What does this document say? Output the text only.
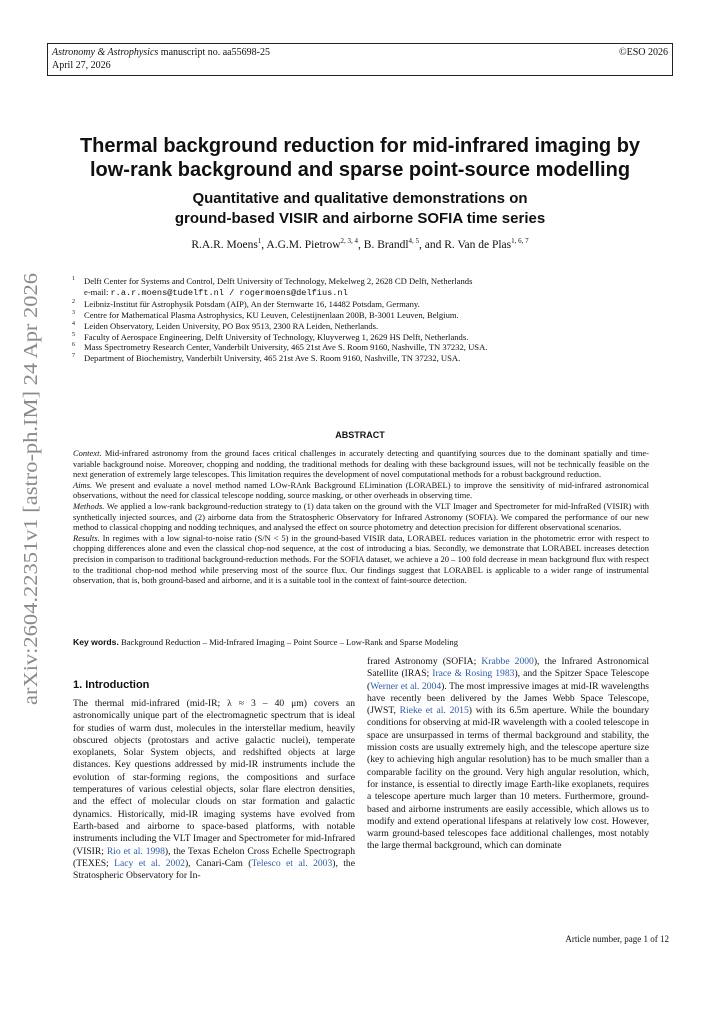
Astronomy & Astrophysics manuscript no. aa55698-25
April 27, 2026
©ESO 2026
arXiv:2604.22351v1 [astro-ph.IM] 24 Apr 2026
Thermal background reduction for mid-infrared imaging by
low-rank background and sparse point-source modelling
Quantitative and qualitative demonstrations on
ground-based VISIR and airborne SOFIA time series
R.A.R. Moens$^1$, A.G.M. Pietrow$^{2, 3, 4}$, B. Brandl$^{4, 5}$, and R. Van de Plas$^{1, 6, 7}$
1 Delft Center for Systems and Control, Delft University of Technology, Mekelweg 2, 2628 CD Delft, Netherlands
e-mail: r.a.r.moens@tudelft.nl / rogermoens@delfius.nl
2 Leibniz-Institut für Astrophysik Potsdam (AIP), An der Sternwarte 16, 14482 Potsdam, Germany.
3 Centre for Mathematical Plasma Astrophysics, KU Leuven, Celestijnenlaan 200B, B-3001 Leuven, Belgium.
4 Leiden Observatory, Leiden University, PO Box 9513, 2300 RA Leiden, Netherlands.
5 Faculty of Aerospace Engineering, Delft University of Technology, Kluyverweg 1, 2629 HS Delft, Netherlands.
6 Mass Spectrometry Research Center, Vanderbilt University, 465 21st Ave S. Room 9160, Nashville, TN 37232, USA.
7 Department of Biochemistry, Vanderbilt University, 465 21st Ave S. Room 9160, Nashville, TN 37232, USA.
ABSTRACT

Context. Mid-infrared astronomy from the ground faces critical challenges in accurately detecting and quantifying sources due to the dominant spatially and time-variable background noise. Moreover, chopping and nodding, the traditional methods for dealing with these background issues, will not be technically feasible on the next generation of extremely large telescopes. This limitation requires the development of novel computational methods for a robust background reduction.

Aims. We present and evaluate a novel method named LOw-RAnk Background ELimination (LORABEL) to improve the sensitivity of mid-infrared astronomical observations, without the need for classical telescope nodding, source masking, or other overheads in observing time.

Methods. We applied a low-rank background-reduction strategy to (1) data taken on the ground with the VLT Imager and Spectrometer for mid-InfraRed (VISIR) with synthetically injected sources, and (2) airborne data from the Stratospheric Observatory for Infrared Astronomy (SOFIA). We compared the performance of our new method to classical chopping and nodding techniques, and analysed the effect on source photometry and detection precision for different observational scenarios.

Results. In regimes with a low signal-to-noise ratio (S/N < 5) in the ground-based VISIR data, LORABEL reduces variation in the photometric error with respect to chopping differences alone and even the classical chop-nod sequence, at the cost of introducing a bias. Secondly, we demonstrate that LORABEL increases detection precision in comparison to traditional background-reduction methods. For the SOFIA dataset, we achieve a 20 – 100 fold decrease in mean background flux with respect to the traditional chop-nod method while preserving most of the source flux. Our findings suggest that LORABEL is applicable to a wider range of instrumental observation, that is, both ground-based and airborne, and it is a suitable tool in the context of faint-source detection.

Key words. Background Reduction – Mid-Infrared Imaging – Point Source – Low-Rank and Sparse Modeling
1. Introduction
The thermal mid-infrared (mid-IR; λ ≈ 3 – 40 μm) covers an astronomically unique part of the electromagnetic spectrum that is ideal for studies of warm dust, molecules in the interstellar medium, heavily obscured objects (protostars and active galactic nuclei), temperate exoplanets, Solar System objects, and redshifted objects at large distances. Key questions addressed by mid-IR instruments include the evolution of star-forming regions, the compositions and surface temperatures of various celestial objects, solar flare electron densities, and the effect of molecular clouds on star formation and galactic dynamics. Historically, mid-IR imaging systems have evolved from Earth-based and airborne to space-based platforms, with notable instruments including the VLT Imager and Spectrometer for mid-Infrared (VISIR; Rio et al. 1998), the Texas Echelon Cross Echelle Spectrograph (TEXES; Lacy et al. 2002), Canari-Cam (Telesco et al. 2003), the Stratospheric Observatory for In-
frared Astronomy (SOFIA; Krabbe 2000), the Infrared Astronomical Satellite (IRAS; Irace & Rosing 1983), and the Spitzer Space Telescope (Werner et al. 2004). The most impressive images at mid-IR wavelengths have recently been delivered by the James Webb Space Telescope, (JWST, Rieke et al. 2015) with its 6.5m aperture. While the boundary conditions for observing at mid-IR wavelength with a cooled telescope in space are unsurpassed in terms of thermal background and stability, the mission costs are usually extremely high, and the telescope aperture size (key to achieving high angular resolution) has to be much smaller than a comparable facility on the ground. Very high angular resolution, which, for instance, is essential to directly image Earth-like exoplanets, requires a telescope aperture much larger than 10 meters. Furthermore, ground-based and airborne instruments are easily accessible, which allows us to modify and extend operational lifespans at relatively low cost. However, warm ground-based telescopes face additional challenges, most notably the large thermal background, which can dominate
Article number, page 1 of 12
